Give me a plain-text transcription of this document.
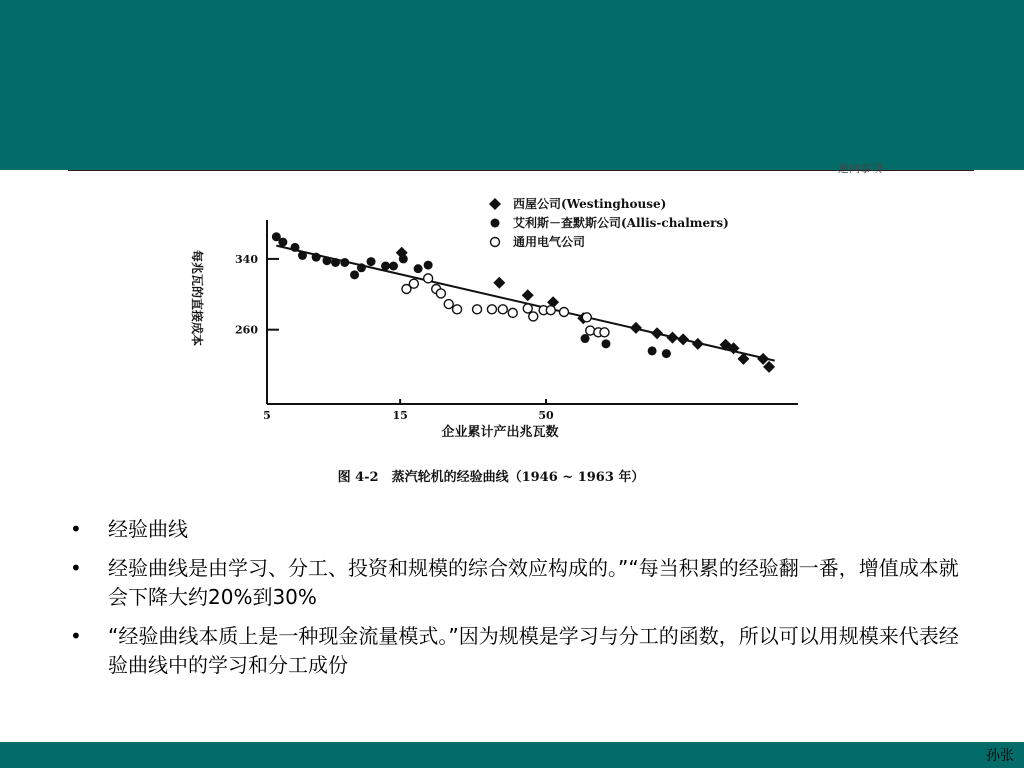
逆向事项
5	15	50
340
260
西屋公司(Westinghouse)
艾利斯－查默斯公司(Allis-chalmers)
通用电气公司
每兆瓦的直接成本
企业累计产出兆瓦数
图 4-2　蒸汽轮机的经验曲线（1946 ~ 1963 年）
• 经验曲线
• 经验曲线是由学习、分工、投资和规模的综合效应构成的。”“每当积累的经验翻一番，增值成本就会下降大约20%到30%
• “经验曲线本质上是一种现金流量模式。”因为规模是学习与分工的函数，所以可以用规模来代表经验曲线中的学习和分工成份
孙张
